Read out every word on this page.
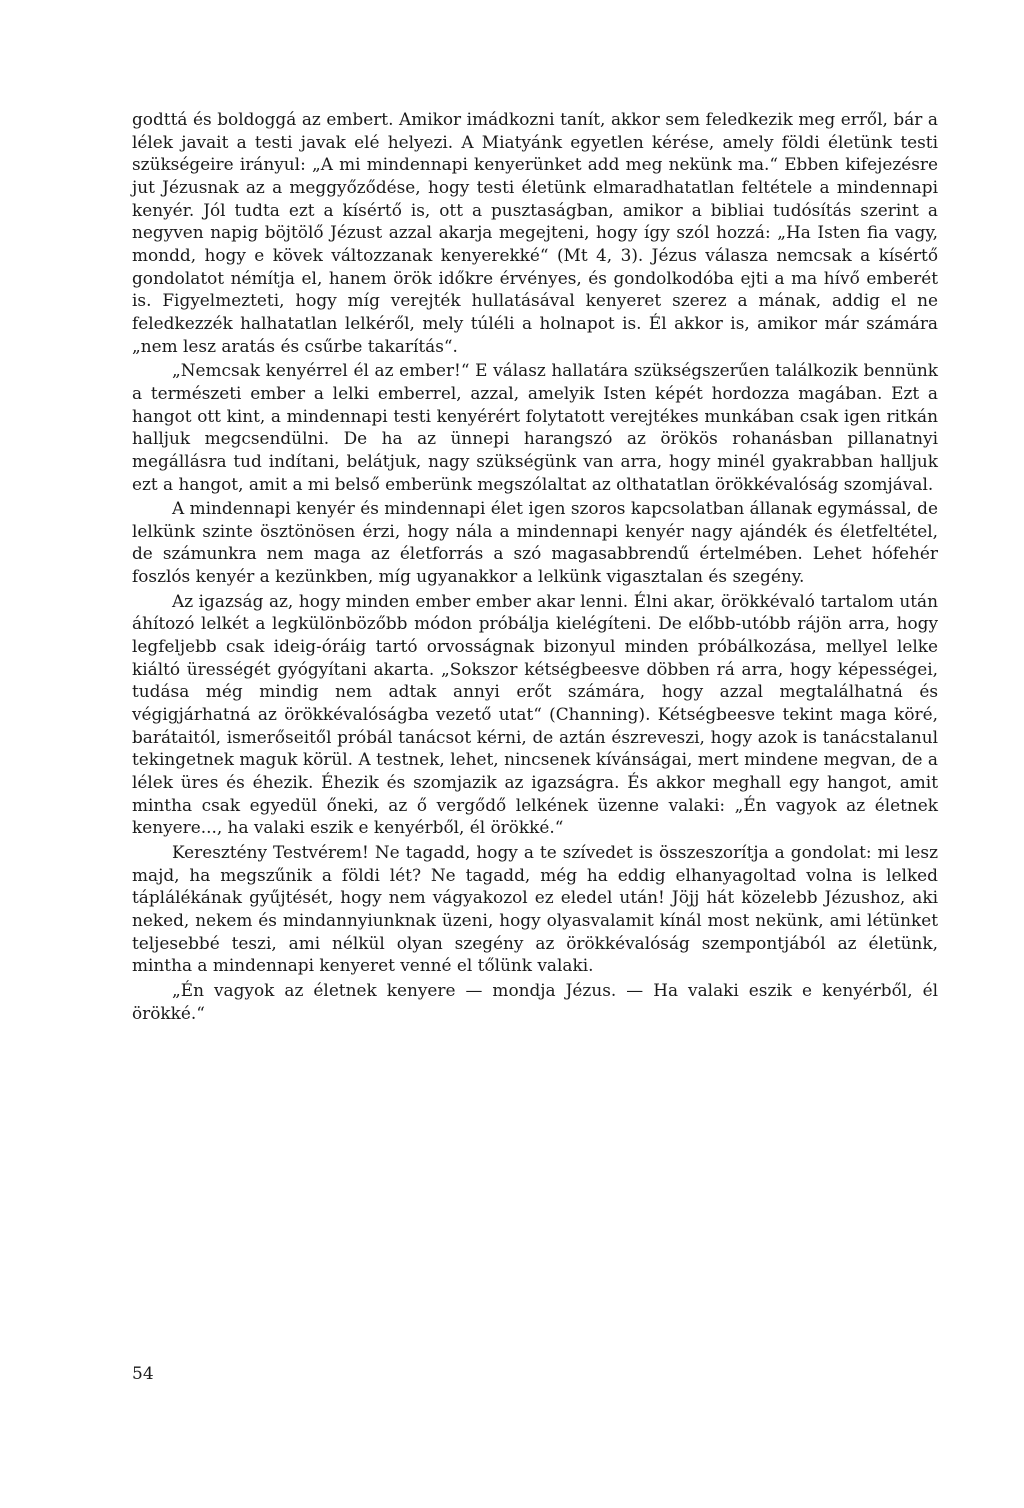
godttá és boldoggá az embert. Amikor imádkozni tanít, akkor sem feledkezik meg erről, bár a lélek javait a testi javak elé helyezi. A Miatyánk egyetlen kérése, amely földi életünk testi szükségeire irányul: „A mi mindennapi kenyerünket add meg nekünk ma.“ Ebben kifejezésre jut Jézusnak az a meggyőződése, hogy testi életünk elmaradhatatlan feltétele a mindennapi kenyér. Jól tudta ezt a kísértő is, ott a pusztaságban, amikor a bibliai tudósítás szerint a negyven napig böjtölő Jézust azzal akarja megejteni, hogy így szól hozzá: „Ha Isten fia vagy, mondd, hogy e kövek változzanak kenyerekké“ (Mt 4, 3). Jézus válasza nemcsak a kísértő gondolatot némítja el, hanem örök időkre érvényes, és gondolkodóba ejti a ma hívő emberét is. Figyelmezteti, hogy míg verejték hullatásával kenyeret szerez a mának, addig el ne feledkezzék halhatatlan lelkéről, mely túléli a holnapot is. Él akkor is, amikor már számára „nem lesz aratás és csűrbe takarítás“.

„Nemcsak kenyérrel él az ember!“ E válasz hallatára szükségszerűen találkozik bennünk a természeti ember a lelki emberrel, azzal, amelyik Isten képét hordozza magában. Ezt a hangot ott kint, a mindennapi testi kenyérért folytatott verejtékes munkában csak igen ritkán halljuk megcsendülni. De ha az ünnepi harangszó az örökös rohanásban pillanatnyi megállásra tud indítani, belátjuk, nagy szükségünk van arra, hogy minél gyakrabban halljuk ezt a hangot, amit a mi belső emberünk megszólaltat az olthatatlan örökkévalóság szomjával.

A mindennapi kenyér és mindennapi élet igen szoros kapcsolatban állanak egymással, de lelkünk szinte ösztönösen érzi, hogy nála a mindennapi kenyér nagy ajándék és életfeltétel, de számunkra nem maga az életforrás a szó magasabbrendű értelmében. Lehet hófehér foszlós kenyér a kezünkben, míg ugyanakkor a lelkünk vigasztalan és szegény.

Az igazság az, hogy minden ember ember akar lenni. Élni akar, örökkévaló tartalom után áhítozó lelkét a legkülönbözőbb módon próbálja kielégíteni. De előbb-utóbb rájön arra, hogy legfeljebb csak ideig-óráig tartó orvosságnak bizonyul minden próbálkozása, mellyel lelke kiáltó ürességét gyógyítani akarta. „Sokszor kétségbeesve döbben rá arra, hogy képességei, tudása még mindig nem adtak annyi erőt számára, hogy azzal megtalálhatná és végigjárhatná az örökkévalóságba vezető utat“ (Channing). Kétségbeesve tekint maga köré, barátaitól, ismerőseitől próbál tanácsot kérni, de aztán észreveszi, hogy azok is tanácstalanul tekingetnek maguk körül. A testnek, lehet, nincsenek kívánságai, mert mindene megvan, de a lélek üres és éhezik. Éhezik és szomjazik az igazságra. És akkor meghall egy hangot, amit mintha csak egyedül őneki, az ő vergődő lelkének üzenne valaki: „Én vagyok az életnek kenyere..., ha valaki eszik e kenyérből, él örökké.“

Keresztény Testvérem! Ne tagadd, hogy a te szívedet is összeszorítja a gondolat: mi lesz majd, ha megszűnik a földi lét? Ne tagadd, még ha eddig elhanyagoltad volna is lelked táplálékának gyűjtését, hogy nem vágyakozol ez eledel után! Jöjj hát közelebb Jézushoz, aki neked, nekem és mindannyiunknak üzeni, hogy olyasvalamit kínál most nekünk, ami létünket teljesebbé teszi, ami nélkül olyan szegény az örökkévalóság szempontjából az életünk, mintha a mindennapi kenyeret venné el tőlünk valaki.

„Én vagyok az életnek kenyere — mondja Jézus. — Ha valaki eszik e kenyérből, él örökké.“

54
